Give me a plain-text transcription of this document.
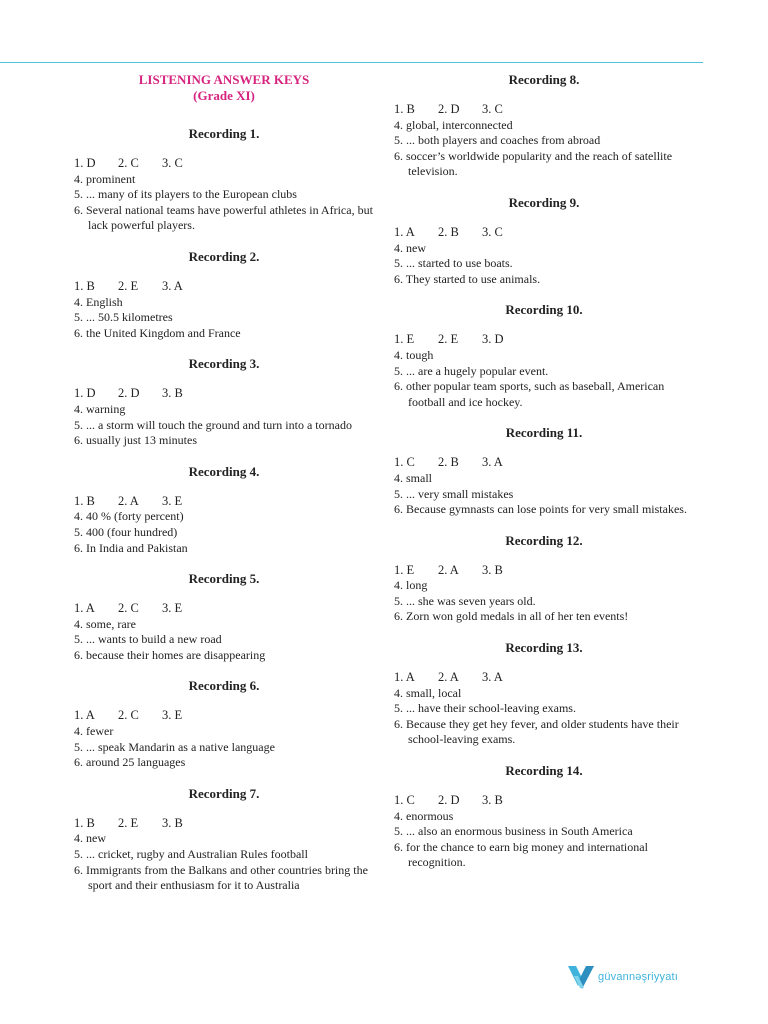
LISTENING ANSWER KEYS
(Grade XI)
Recording 1.
1. D 2. C 3. C
4. prominent
5. ... many of its players to the European clubs
6. Several national teams have powerful athletes in Africa, but lack powerful players.
Recording 2.
1. B 2. E 3. A
4. English
5. ... 50.5 kilometres
6. the United Kingdom and France
Recording 3.
1. D 2. D 3. B
4. warning
5. ... a storm will touch the ground and turn into a tornado
6. usually just 13 minutes
Recording 4.
1. B 2. A 3. E
4. 40 % (forty percent)
5. 400 (four hundred)
6. In India and Pakistan
Recording 5.
1. A 2. C 3. E
4. some, rare
5. ... wants to build a new road
6. because their homes are disappearing
Recording 6.
1. A 2. C 3. E
4. fewer
5. ... speak Mandarin as a native language
6. around 25 languages
Recording 7.
1. B 2. E 3. B
4. new
5. ... cricket, rugby and Australian Rules football
6. Immigrants from the Balkans and other countries bring the sport and their enthusiasm for it to Australia
Recording 8.
1. B 2. D 3. C
4. global, interconnected
5. ... both players and coaches from abroad
6. soccer’s worldwide popularity and the reach of satellite television.
Recording 9.
1. A 2. B 3. C
4. new
5. ... started to use boats.
6. They started to use animals.
Recording 10.
1. E 2. E 3. D
4. tough
5. ... are a hugely popular event.
6. other popular team sports, such as baseball, American football and ice hockey.
Recording 11.
1. C 2. B 3. A
4. small
5. ... very small mistakes
6. Because gymnasts can lose points for very small mistakes.
Recording 12.
1. E 2. A 3. B
4. long
5. ... she was seven years old.
6. Zorn won gold medals in all of her ten events!
Recording 13.
1. A 2. A 3. A
4. small, local
5. ... have their school-leaving exams.
6. Because they get hey fever, and older students have their school-leaving exams.
Recording 14.
1. C 2. D 3. B
4. enormous
5. ... also an enormous business in South America
6. for the chance to earn big money and international recognition.
güvannəşriyyatı
